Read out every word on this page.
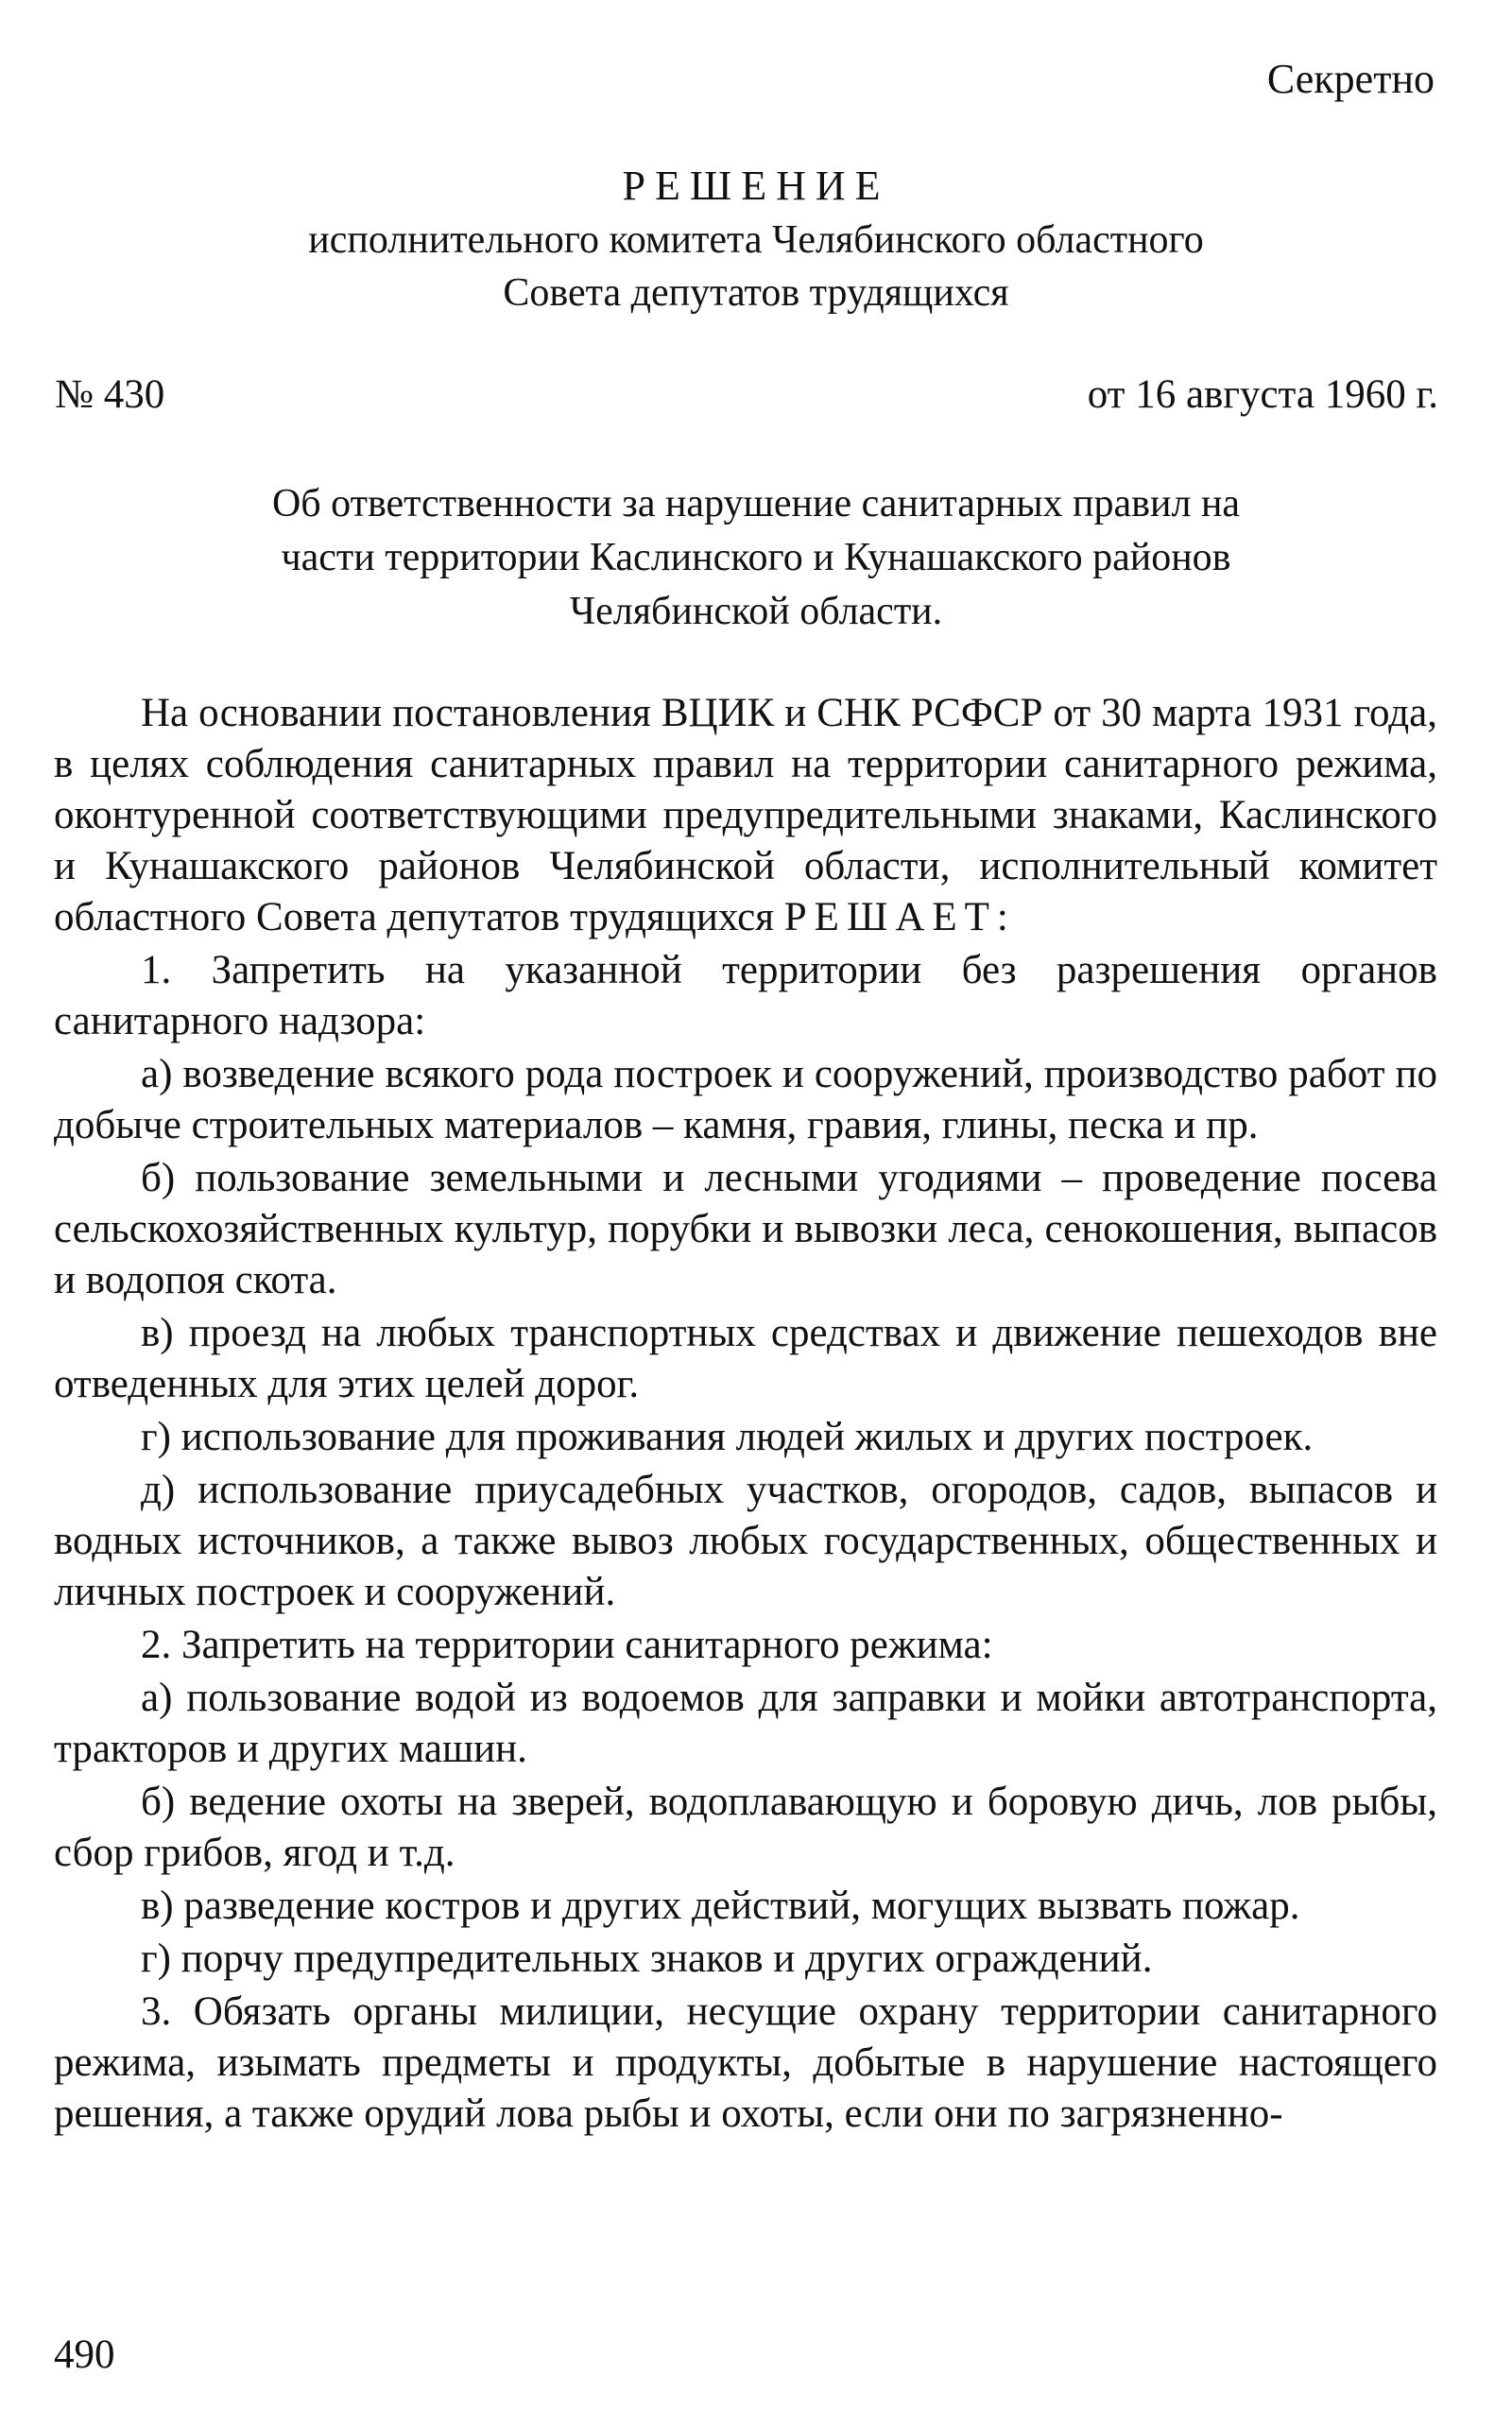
Секретно
РЕШЕНИЕ
исполнительного комитета Челябинского областного
Совета депутатов трудящихся
№ 430	от 16 августа 1960 г.
Об ответственности за нарушение санитарных правил на
части территории Каслинского и Кунашакского районов
Челябинской области.

На основании постановления ВЦИК и СНК РСФСР от 30 марта 1931 года, в целях соблюдения санитарных правил на территории санитарного режима, оконтуренной соответствующими предупредительными знаками, Каслинского и Кунашакского районов Челябинской области, исполнительный комитет областного Совета депутатов трудящихся РЕШАЕТ:

1. Запретить на указанной территории без разрешения органов санитарного надзора:

а) возведение всякого рода построек и сооружений, производство работ по добыче строительных материалов – камня, гравия, глины, песка и пр.

б) пользование земельными и лесными угодиями – проведение посева сельскохозяйственных культур, порубки и вывозки леса, сенокошения, выпасов и водопоя скота.

в) проезд на любых транспортных средствах и движение пешеходов вне отведенных для этих целей дорог.

г) использование для проживания людей жилых и других построек.

д) использование приусадебных участков, огородов, садов, выпасов и водных источников, а также вывоз любых государственных, общественных и личных построек и сооружений.

2. Запретить на территории санитарного режима:

а) пользование водой из водоемов для заправки и мойки автотранспорта, тракторов и других машин.

б) ведение охоты на зверей, водоплавающую и боровую дичь, лов рыбы, сбор грибов, ягод и т.д.

в) разведение костров и других действий, могущих вызвать пожар.

г) порчу предупредительных знаков и других ограждений.

3. Обязать органы милиции, несущие охрану территории санитарного режима, изымать предметы и продукты, добытые в нарушение настоящего решения, а также орудий лова рыбы и охоты, если они по загрязненно-

490
